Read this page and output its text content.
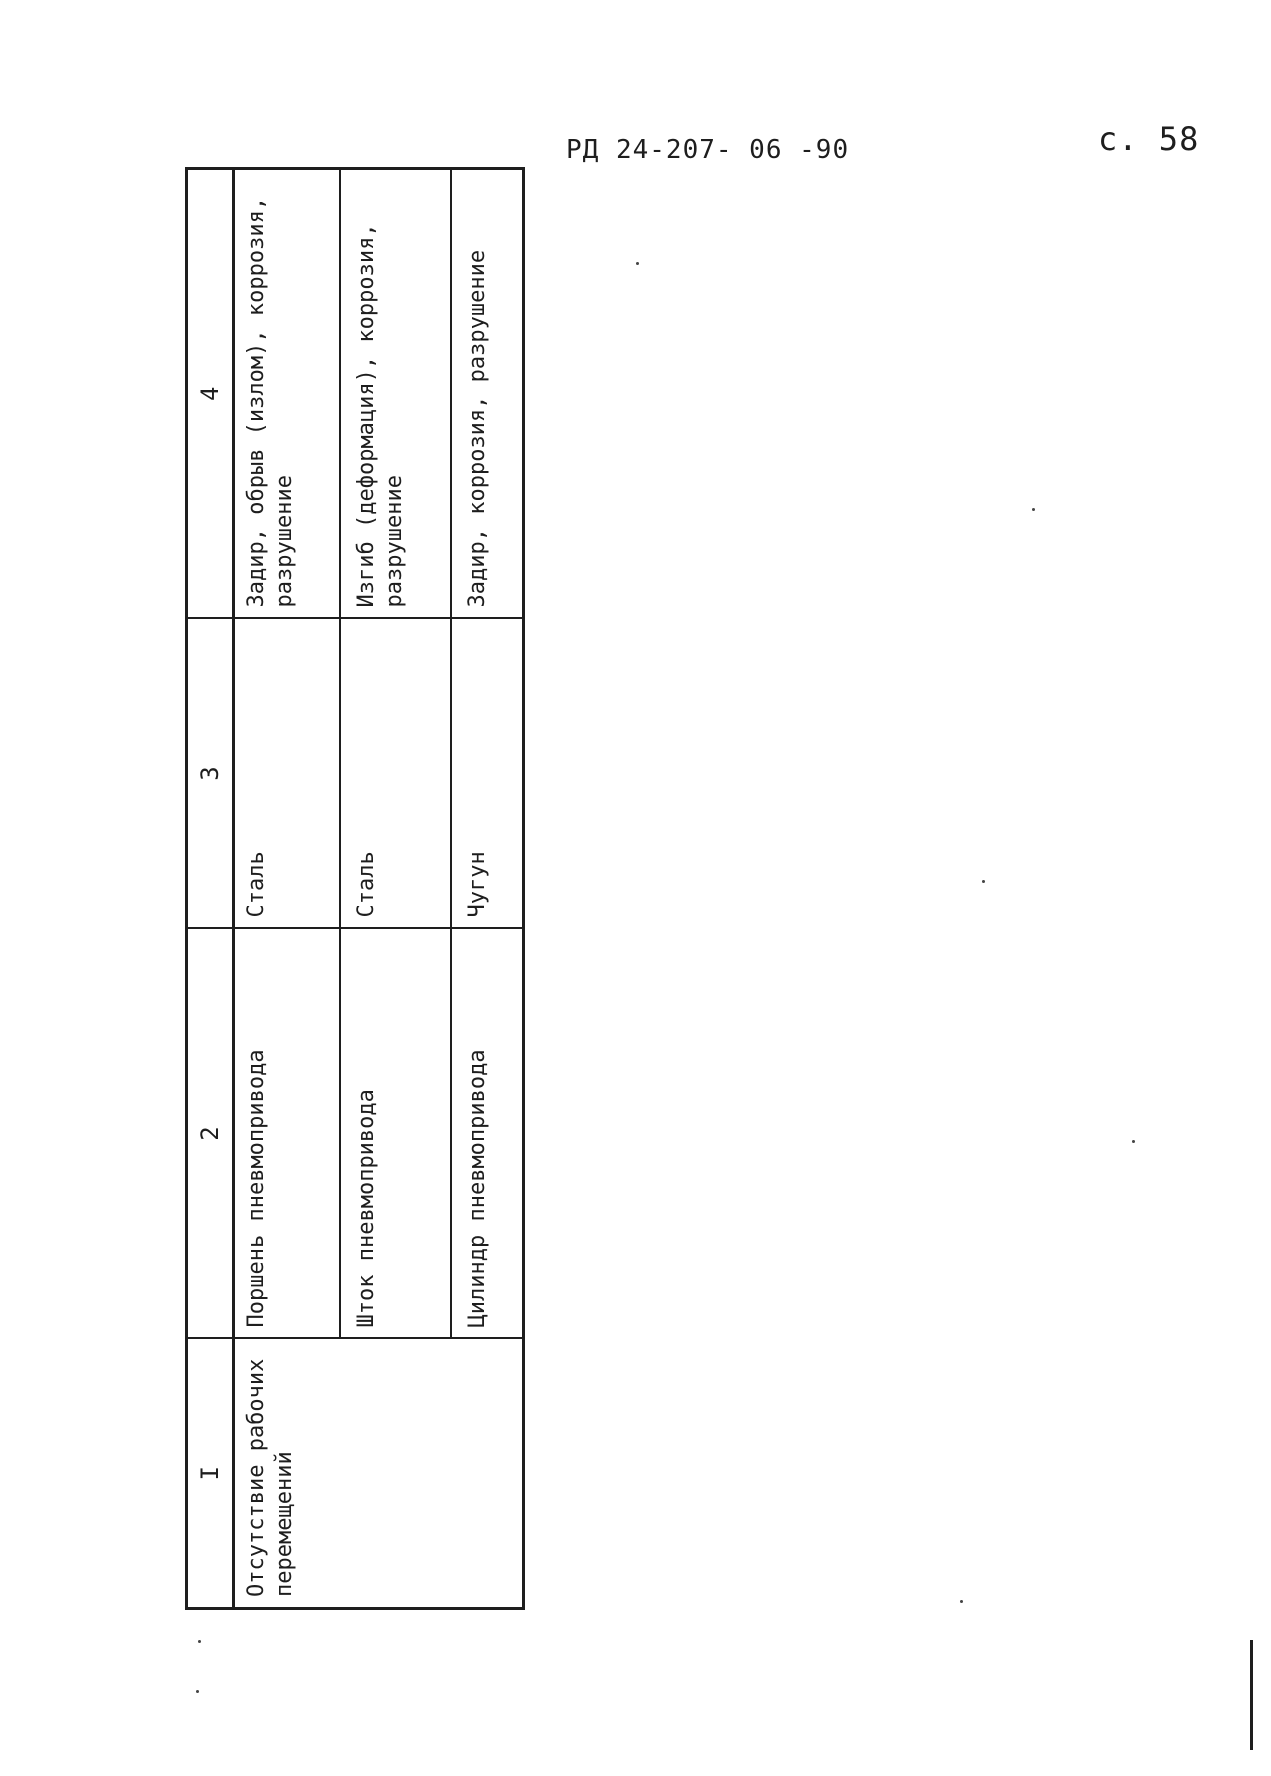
РД 24-207- 06 -90	с. 58
I	2	3	4
Отсутствие рабочих перемещений	Поршень пневмопривода	Сталь	Задир, обрыв (излом), коррозия, разрушение
	Шток пневмопривода	Сталь	Изгиб (деформация), коррозия, разрушение
	Цилиндр пневмопривода	Чугун	Задир, коррозия, разрушение
